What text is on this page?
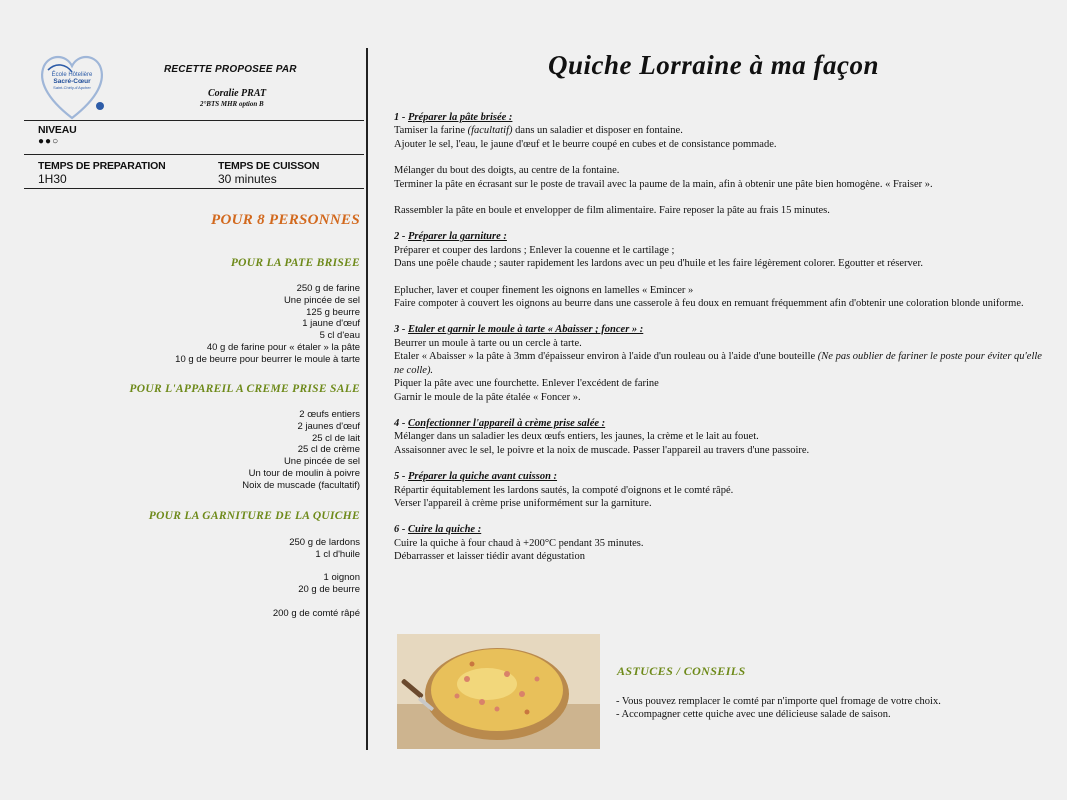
École Hôtelière
Sacré-Cœur
Saint-Chély-d'Apcher
RECETTE PROPOSEE PAR
Coralie PRAT
2°BTS MHR option B
NIVEAU
●●○
TEMPS DE PREPARATION
1H30
TEMPS DE CUISSON
30 minutes
POUR 8 PERSONNES
POUR LA PATE BRISEE
250 g de farine
Une pincée de sel
125 g beurre
1 jaune d'œuf
5 cl d'eau
40 g de farine pour « étaler » la pâte
10 g de beurre pour beurrer le moule à tarte
POUR L'APPAREIL A CREME PRISE SALE
2 œufs entiers
2 jaunes d'œuf
25 cl de lait
25 cl de crème
Une pincée de sel
Un tour de moulin à poivre
Noix de muscade (facultatif)
POUR LA GARNITURE DE LA QUICHE
250 g de lardons
1 cl d'huile
1 oignon
20 g de beurre
200 g de comté râpé
Quiche Lorraine à ma façon

1 - Préparer la pâte brisée :

Tamiser la farine (facultatif) dans un saladier et disposer en fontaine.

Ajouter le sel, l'eau, le jaune d'œuf et le beurre coupé en cubes et de consistance pommade.

Mélanger du bout des doigts, au centre de la fontaine.

Terminer la pâte en écrasant sur le poste de travail avec la paume de la main, afin à obtenir une pâte bien homogène. « Fraiser ».

Rassembler la pâte en boule et envelopper de film alimentaire. Faire reposer la pâte au frais 15 minutes.

2 - Préparer la garniture :

Préparer et couper des lardons ; Enlever la couenne et le cartilage ;

Dans une poêle chaude ; sauter rapidement les lardons avec un peu d'huile et les faire légèrement colorer. Egoutter et réserver.

Eplucher, laver et couper finement les oignons en lamelles « Emincer »

Faire compoter à couvert les oignons au beurre dans une casserole à feu doux en remuant fréquemment afin d'obtenir une coloration blonde uniforme.

3 - Etaler et garnir le moule à tarte « Abaisser ; foncer » :

Beurrer un moule à tarte ou un cercle à tarte.

Etaler « Abaisser » la pâte à 3mm d'épaisseur environ à l'aide d'un rouleau ou à l'aide d'une bouteille (Ne pas oublier de fariner le poste pour éviter qu'elle ne colle).

Piquer la pâte avec une fourchette. Enlever l'excédent de farine

Garnir le moule de la pâte étalée « Foncer ».

4 - Confectionner l'appareil à crème prise salée :

Mélanger dans un saladier les deux œufs entiers, les jaunes, la crème et le lait au fouet.

Assaisonner avec le sel, le poivre et la noix de muscade. Passer l'appareil au travers d'une passoire.

5 - Préparer la quiche avant cuisson :

Répartir équitablement les lardons sautés, la compoté d'oignons et le comté râpé.

Verser l'appareil à crème prise uniformément sur la garniture.

6 - Cuire la quiche :

Cuire la quiche à four chaud à +200°C pendant 35 minutes.

Débarrasser et laisser tiédir avant dégustation

ASTUCES / CONSEILS
- Vous pouvez remplacer le comté par n'importe quel fromage de votre choix.
- Accompagner cette quiche avec une délicieuse salade de saison.
